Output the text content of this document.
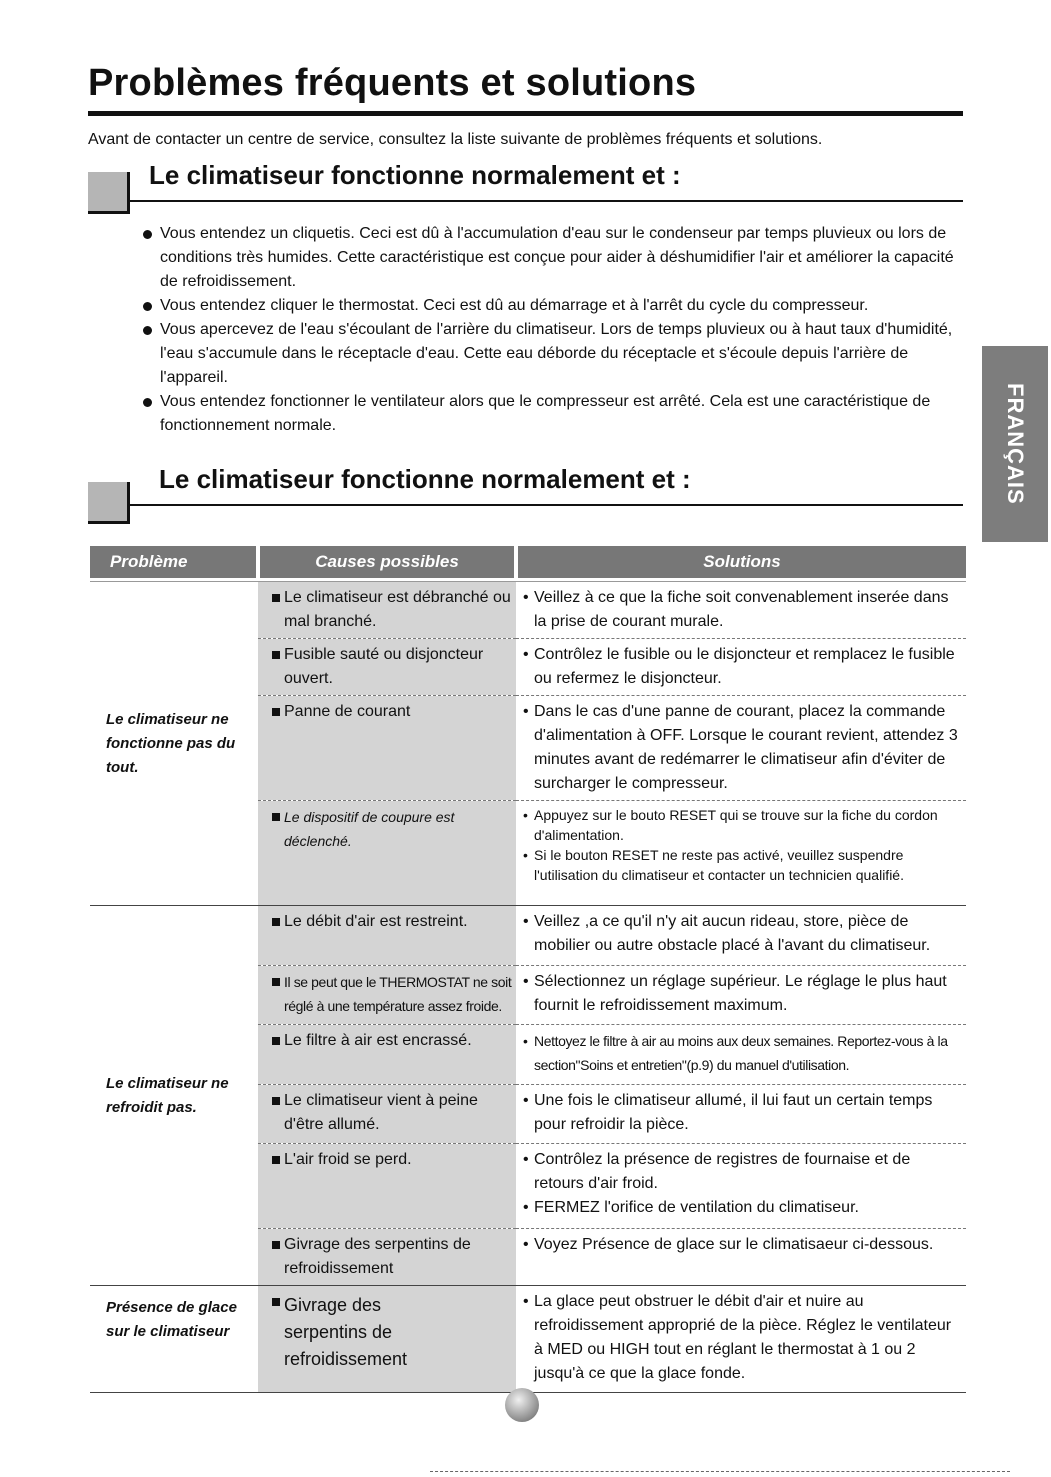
Problèmes fréquents et solutions
Avant de contacter un centre de service, consultez la liste suivante de problèmes fréquents et solutions.
Le climatiseur fonctionne normalement et :
Vous entendez un cliquetis. Ceci est dû à l'accumulation d'eau sur le condenseur par temps pluvieux ou lors de conditions très humides. Cette caractéristique est conçue pour aider à déshumidifier l'air et améliorer la capacité de refroidissement.
Vous entendez cliquer le thermostat. Ceci est dû au démarrage et à l'arrêt du cycle du compresseur.
Vous apercevez de l'eau s'écoulant de l'arrière du climatiseur. Lors de temps pluvieux ou à haut taux d'humidité, l'eau s'accumule dans le réceptacle d'eau. Cette eau déborde du réceptacle et s'écoule depuis l'arrière de l'appareil.
Vous entendez fonctionner le ventilateur alors que le compresseur est arrêté. Cela est une caractéristique de fonctionnement normale.
Le climatiseur fonctionne normalement et :	FRANÇAIS
Problème	Causes possibles	Solutions

Le climatiseur ne fonctionne pas du tout.	Le climatiseur est débranché ou mal branché.	• Veillez à ce que la fiche soit convenablement inserée dans la prise de courant murale.

	Fusible sauté ou disjoncteur ouvert.	• Contrôlez le fusible ou le disjoncteur et remplacez le fusible ou refermez le disjoncteur.

	Panne de courant	• Dans le cas d'une panne de courant, placez la commande d'alimentation à OFF. Lorsque le courant revient, attendez 3 minutes avant de redémarrer le climatiseur afin d'éviter de surcharger le compresseur.

	Le dispositif de coupure est déclenché.	• Appuyez sur le bouto RESET qui se trouve sur la fiche du cordon d'alimentation.
• Si le bouton RESET ne reste pas activé, veuillez suspendre l'utilisation du climatiseur et contacter un technicien qualifié.

Le climatiseur ne refroidit pas.	Le débit d'air est restreint.	• Veillez ,a ce qu'il n'y ait aucun rideau, store, pièce de mobilier ou autre obstacle placé à l'avant du climatiseur.

	Il se peut que le THERMOSTAT ne soit réglé à une température assez froide.	• Sélectionnez un réglage supérieur. Le réglage le plus haut fournit le refroidissement maximum.

	Le filtre à air est encrassé.	• Nettoyez le filtre à air au moins aux deux semaines. Reportez-vous à la section"Soins et entretien"(p.9) du manuel d'utilisation.

	Le climatiseur vient à peine d'être allumé.	• Une fois le climatiseur allumé, il lui faut un certain temps pour refroidir la pièce.

	L'air froid se perd.	• Contrôlez la présence de registres de fournaise et de retours d'air froid.
• FERMEZ l'orifice de ventilation du climatiseur.

	Givrage des serpentins de refroidissement	• Voyez Présence de glace sur le climatisaeur ci-dessous.

Présence de glace sur le climatiseur	Givrage des serpentins de refroidissement	• La glace peut obstruer le débit d'air et nuire au refroidissement approprié de la pièce. Réglez le ventilateur à MED ou HIGH tout en réglant le thermostat à 1 ou 2 jusqu'à ce que la glace fonde.
